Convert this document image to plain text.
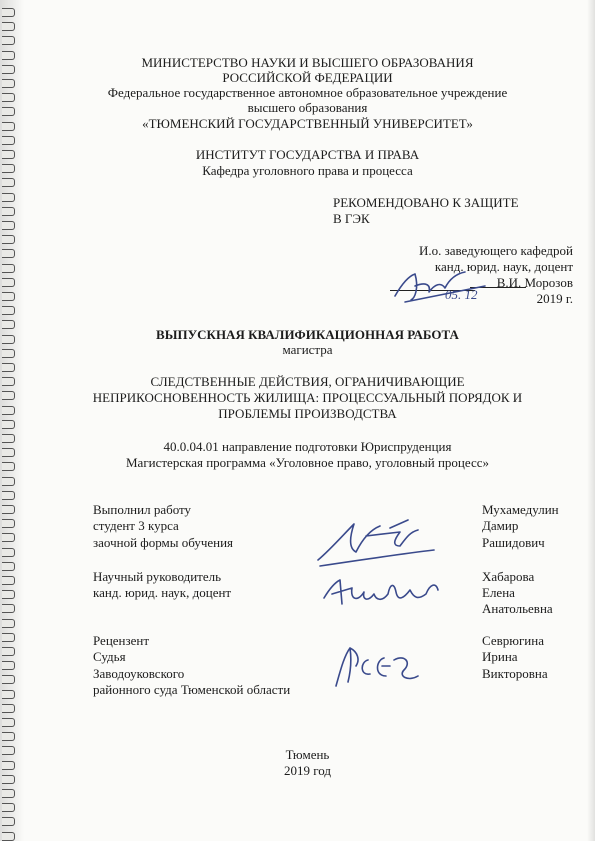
МИНИСТЕРСТВО НАУКИ И ВЫСШЕГО ОБРАЗОВАНИЯ
РОССИЙСКОЙ ФЕДЕРАЦИИ
Федеральное государственное автономное образовательное учреждение
высшего образования
«ТЮМЕНСКИЙ ГОСУДАРСТВЕННЫЙ УНИВЕРСИТЕТ»
ИНСТИТУТ ГОСУДАРСТВА И ПРАВА
Кафедра уголовного права и процесса
РЕКОМЕНДОВАНО К ЗАЩИТЕ
В ГЭК
И.о. заведующего кафедрой
канд. юрид. наук, доцент
В.И. Морозов
2019 г.
05. 12
ВЫПУСКНАЯ КВАЛИФИКАЦИОННАЯ РАБОТА
магистра
СЛЕДСТВЕННЫЕ ДЕЙСТВИЯ, ОГРАНИЧИВАЮЩИЕ
НЕПРИКОСНОВЕННОСТЬ ЖИЛИЩА: ПРОЦЕССУАЛЬНЫЙ ПОРЯДОК И
ПРОБЛЕМЫ ПРОИЗВОДСТВА
40.0.04.01 направление подготовки Юриспруденция
Магистерская программа «Уголовное право, уголовный процесс»
Выполнил работу
студент 3 курса
заочной формы обучения
Мухамедулин
Дамир
Рашидович
Научный руководитель
канд. юрид. наук, доцент
Хабарова
Елена
Анатольевна
Рецензент
Судья
Заводоуковского
районного суда Тюменской области
Севрюгина
Ирина
Викторовна
Тюмень
2019 год
